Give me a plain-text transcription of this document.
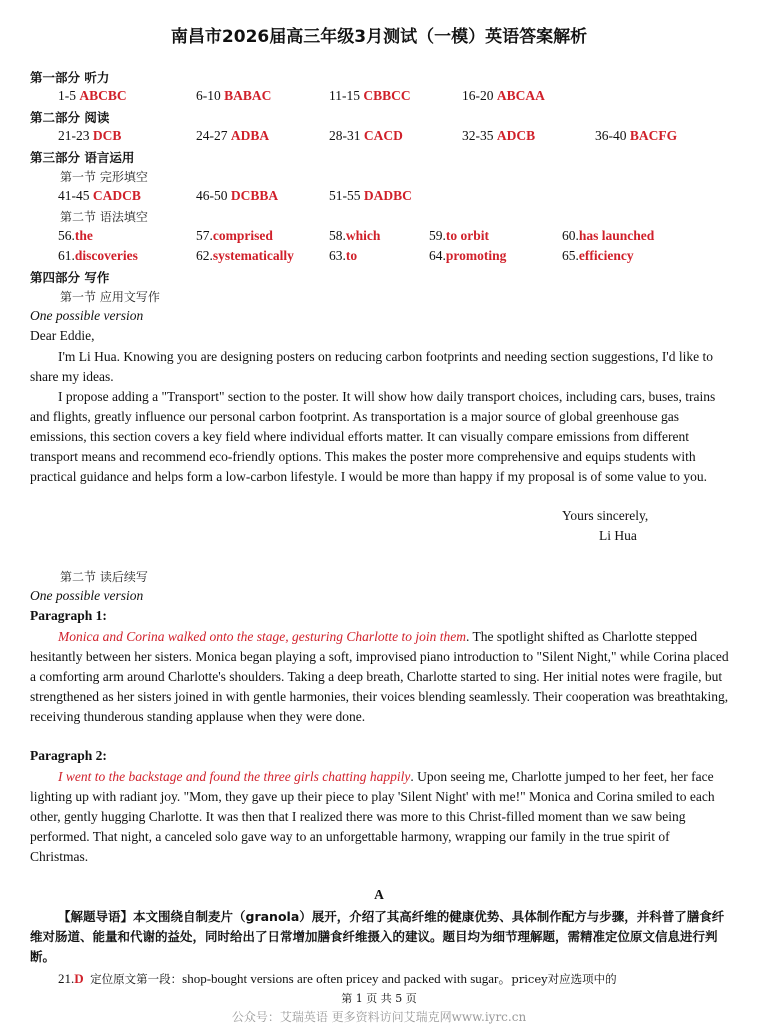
南昌市2026届高三年级3月测试（一模）英语答案解析
第一部分 听力
1-5 ABCBC	6-10 BABAC	11-15 CBBCC	16-20 ABCAA
第二部分 阅读
21-23 DCB	24-27 ADBA	28-31 CACD	32-35 ADCB	36-40 BACFG
第三部分 语言运用
第一节 完形填空
41-45 CADCB	46-50 DCBBA	51-55 DADBC
第二节 语法填空
56.the	57.comprised	58.which	59.to orbit	60.has launched
61.discoveries	62.systematically	63.to	64.promoting	65.efficiency
第四部分 写作
第一节 应用文写作
One possible version
Dear Eddie,
I'm Li Hua. Knowing you are designing posters on reducing carbon footprints and needing section suggestions, I'd like to share my ideas.
I propose adding a "Transport" section to the poster. It will show how daily transport choices, including cars, buses, trains and flights, greatly influence our personal carbon footprint. As transportation is a major source of global greenhouse gas emissions, this section covers a key field where individual efforts matter. It can visually compare emissions from different transport means and recommend eco-friendly options. This makes the poster more comprehensive and equips students with practical guidance and helps form a low-carbon lifestyle. I would be more than happy if my proposal is of some value to you.
Yours sincerely,
Li Hua
第二节 读后续写
One possible version
Paragraph 1:
Monica and Corina walked onto the stage, gesturing Charlotte to join them. The spotlight shifted as Charlotte stepped hesitantly between her sisters. Monica began playing a soft, improvised piano introduction to "Silent Night," while Corina placed a comforting arm around Charlotte's shoulders. Taking a deep breath, Charlotte started to sing. Her initial notes were fragile, but strengthened as her sisters joined in with gentle harmonies, their voices blending seamlessly. Their cooperation was breathtaking, receiving thunderous standing applause when they were done.
Paragraph 2:
I went to the backstage and found the three girls chatting happily. Upon seeing me, Charlotte jumped to her feet, her face lighting up with radiant joy. "Mom, they gave up their piece to play 'Silent Night' with me!" Monica and Corina smiled to each other, gently hugging Charlotte. It was then that I realized there was more to this Christ-filled moment than we saw being performed. That night, a canceled solo gave way to an unforgettable harmony, wrapping our family in the true spirit of Christmas.
A
【解题导语】本文围绕自制麦片（granola）展开，介绍了其高纤维的健康优势、具体制作配方与步骤，并科普了膳食纤维对肠道、能量和代谢的益处，同时给出了日常增加膳食纤维摄入的建议。题目均为细节理解题，需精准定位原文信息进行判断。
21.D 定位原文第一段：shop-bought versions are often pricey and packed with sugar。pricey对应选项中的
第 1 页 共 5 页
公众号：艾瑞英语 更多资料访问艾瑞克网www.iyrc.cn
